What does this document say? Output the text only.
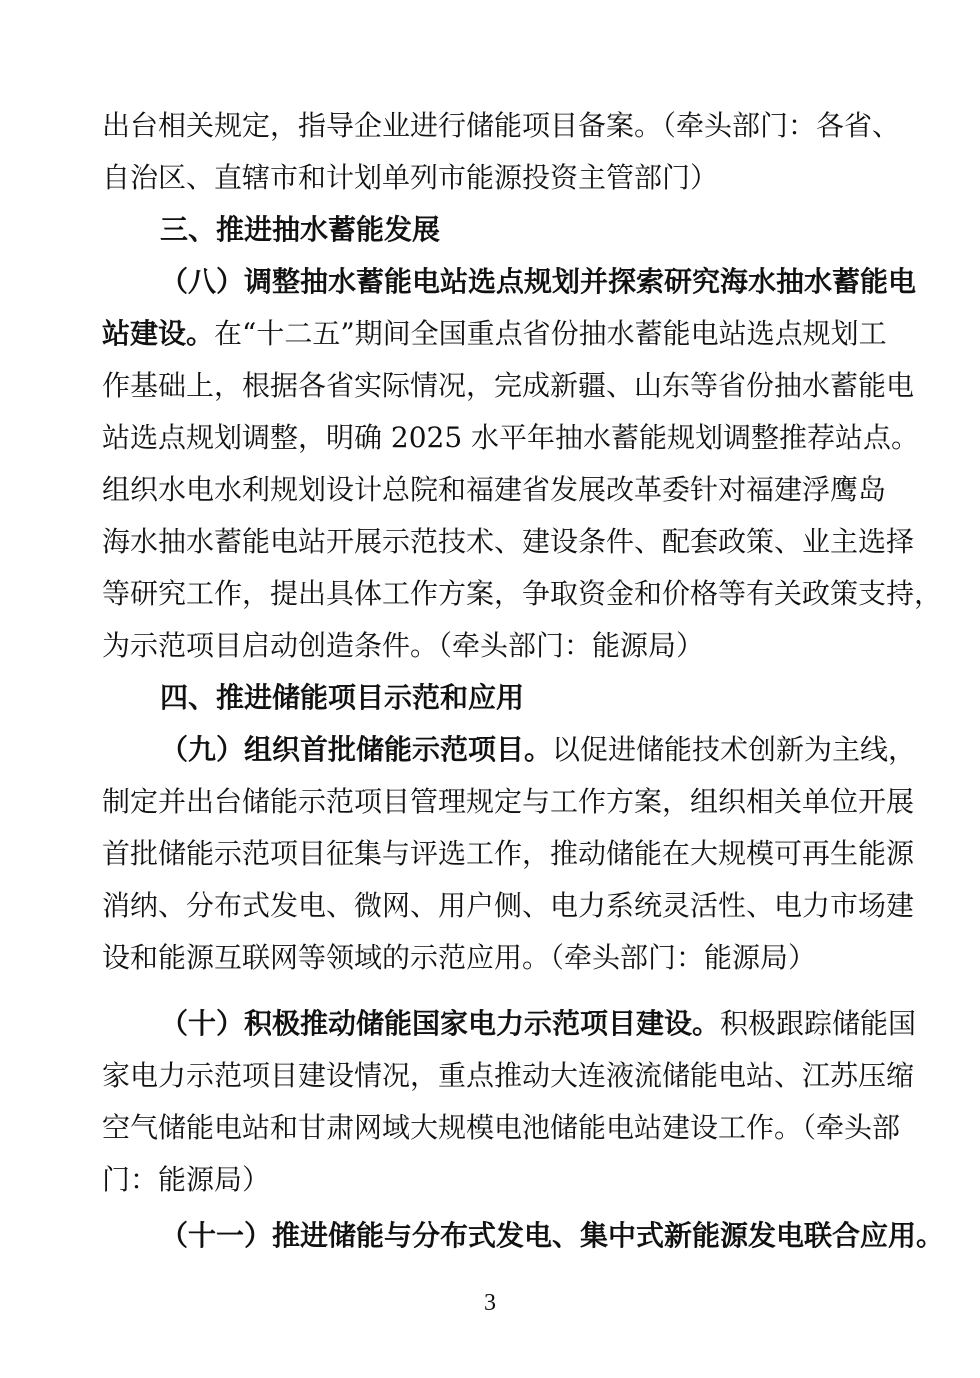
出台相关规定，指导企业进行储能项目备案。（牵头部门：各省、
自治区、直辖市和计划单列市能源投资主管部门）
三、推进抽水蓄能发展
（八）调整抽水蓄能电站选点规划并探索研究海水抽水蓄能电
站建设。在“十二五”期间全国重点省份抽水蓄能电站选点规划工
作基础上，根据各省实际情况，完成新疆、山东等省份抽水蓄能电
站选点规划调整，明确 2025 水平年抽水蓄能规划调整推荐站点。
组织水电水利规划设计总院和福建省发展改革委针对福建浮鹰岛
海水抽水蓄能电站开展示范技术、建设条件、配套政策、业主选择
等研究工作，提出具体工作方案，争取资金和价格等有关政策支持，
为示范项目启动创造条件。（牵头部门：能源局）
四、推进储能项目示范和应用
（九）组织首批储能示范项目。以促进储能技术创新为主线，
制定并出台储能示范项目管理规定与工作方案，组织相关单位开展
首批储能示范项目征集与评选工作，推动储能在大规模可再生能源
消纳、分布式发电、微网、用户侧、电力系统灵活性、电力市场建
设和能源互联网等领域的示范应用。（牵头部门：能源局）
（十）积极推动储能国家电力示范项目建设。积极跟踪储能国
家电力示范项目建设情况，重点推动大连液流储能电站、江苏压缩
空气储能电站和甘肃网域大规模电池储能电站建设工作。（牵头部
门：能源局）
（十一）推进储能与分布式发电、集中式新能源发电联合应用。
3
